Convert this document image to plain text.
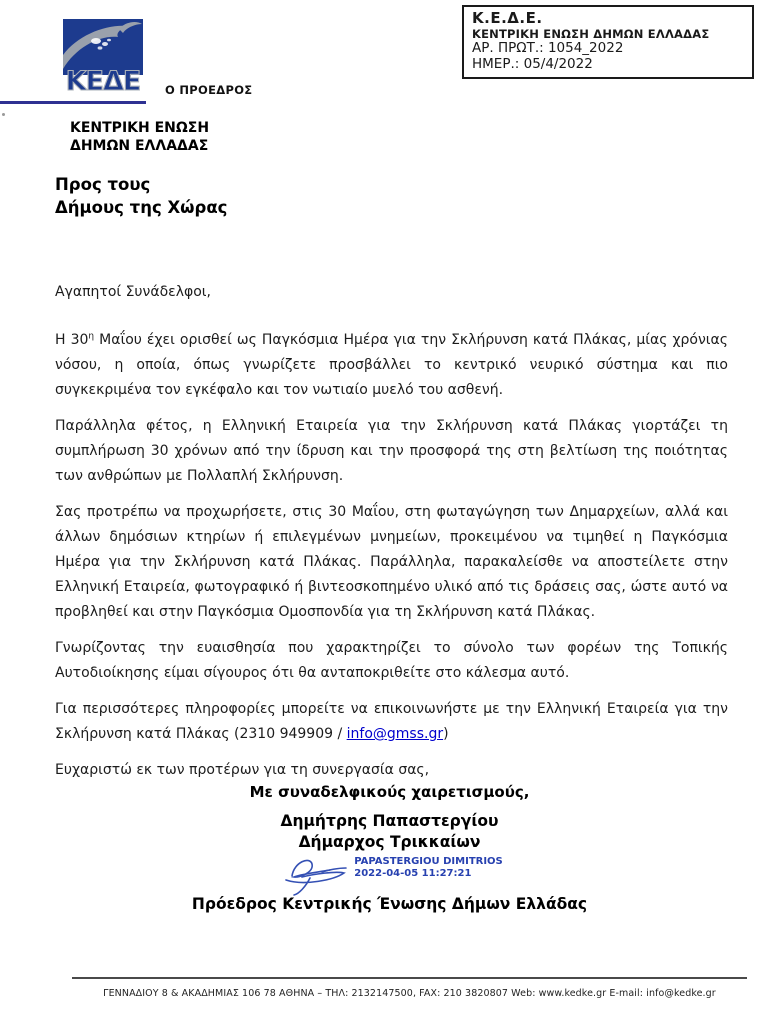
ΚΕΔΕ Ο ΠΡΟΕΔΡΟΣ
Κ.Ε.Δ.Ε.
ΚΕΝΤΡΙΚΗ ΕΝΩΣΗ ΔΗΜΩΝ ΕΛΛΑΔΑΣ
ΑΡ. ΠΡΩΤ.: 1054_2022
ΗΜΕΡ.: 05/4/2022
ΚΕΝΤΡΙΚΗ ΕΝΩΣΗ
ΔΗΜΩΝ ΕΛΛΑΔΑΣ
Προς τους
Δήμους της Χώρας

Αγαπητοί Συνάδελφοι,

Η $30^\eta$ Μαΐου έχει ορισθεί ως Παγκόσμια Ημέρα για την Σκλήρυνση κατά Πλάκας, μίας χρόνιας νόσου, η οποία, όπως γνωρίζετε προσβάλλει το κεντρικό νευρικό σύστημα και πιο συγκεκριμένα τον εγκέφαλο και τον νωτιαίο μυελό του ασθενή.

Παράλληλα φέτος, η Ελληνική Εταιρεία για την Σκλήρυνση κατά Πλάκας γιορτάζει τη συμπλήρωση 30 χρόνων από την ίδρυση και την προσφορά της στη βελτίωση της ποιότητας των ανθρώπων με Πολλαπλή Σκλήρυνση.

Σας προτρέπω να προχωρήσετε, στις 30 Μαΐου, στη φωταγώγηση των Δημαρχείων, αλλά και άλλων δημόσιων κτηρίων ή επιλεγμένων μνημείων, προκειμένου να τιμηθεί η Παγκόσμια Ημέρα για την Σκλήρυνση κατά Πλάκας. Παράλληλα, παρακαλείσθε να αποστείλετε στην Ελληνική Εταιρεία, φωτογραφικό ή βιντεοσκοπημένο υλικό από τις δράσεις σας, ώστε αυτό να προβληθεί και στην Παγκόσμια Ομοσπονδία για τη Σκλήρυνση κατά Πλάκας.

Γνωρίζοντας την ευαισθησία που χαρακτηρίζει το σύνολο των φορέων της Τοπικής Αυτοδιοίκησης είμαι σίγουρος ότι θα ανταποκριθείτε στο κάλεσμα αυτό.

Για περισσότερες πληροφορίες μπορείτε να επικοινωνήστε με την Ελληνική Εταιρεία για την Σκλήρυνση κατά Πλάκας (2310 949909 / info@gmss.gr)

Ευχαριστώ εκ των προτέρων για τη συνεργασία σας,

Με συναδελφικούς χαιρετισμούς,
Δημήτρης Παπαστεργίου
Δήμαρχος Τρικκαίων
PAPASTERGIOU DIMITRIOS
2022-04-05 11:27:21
Πρόεδρος Κεντρικής Ένωσης Δήμων Ελλάδας
ΓΕΝΝΑΔΙΟΥ 8 & ΑΚΑΔΗΜΙΑΣ 106 78 ΑΘΗΝΑ – ΤΗΛ: 2132147500, FAX: 210 3820807 Web: www.kedke.gr E-mail: info@kedke.gr
